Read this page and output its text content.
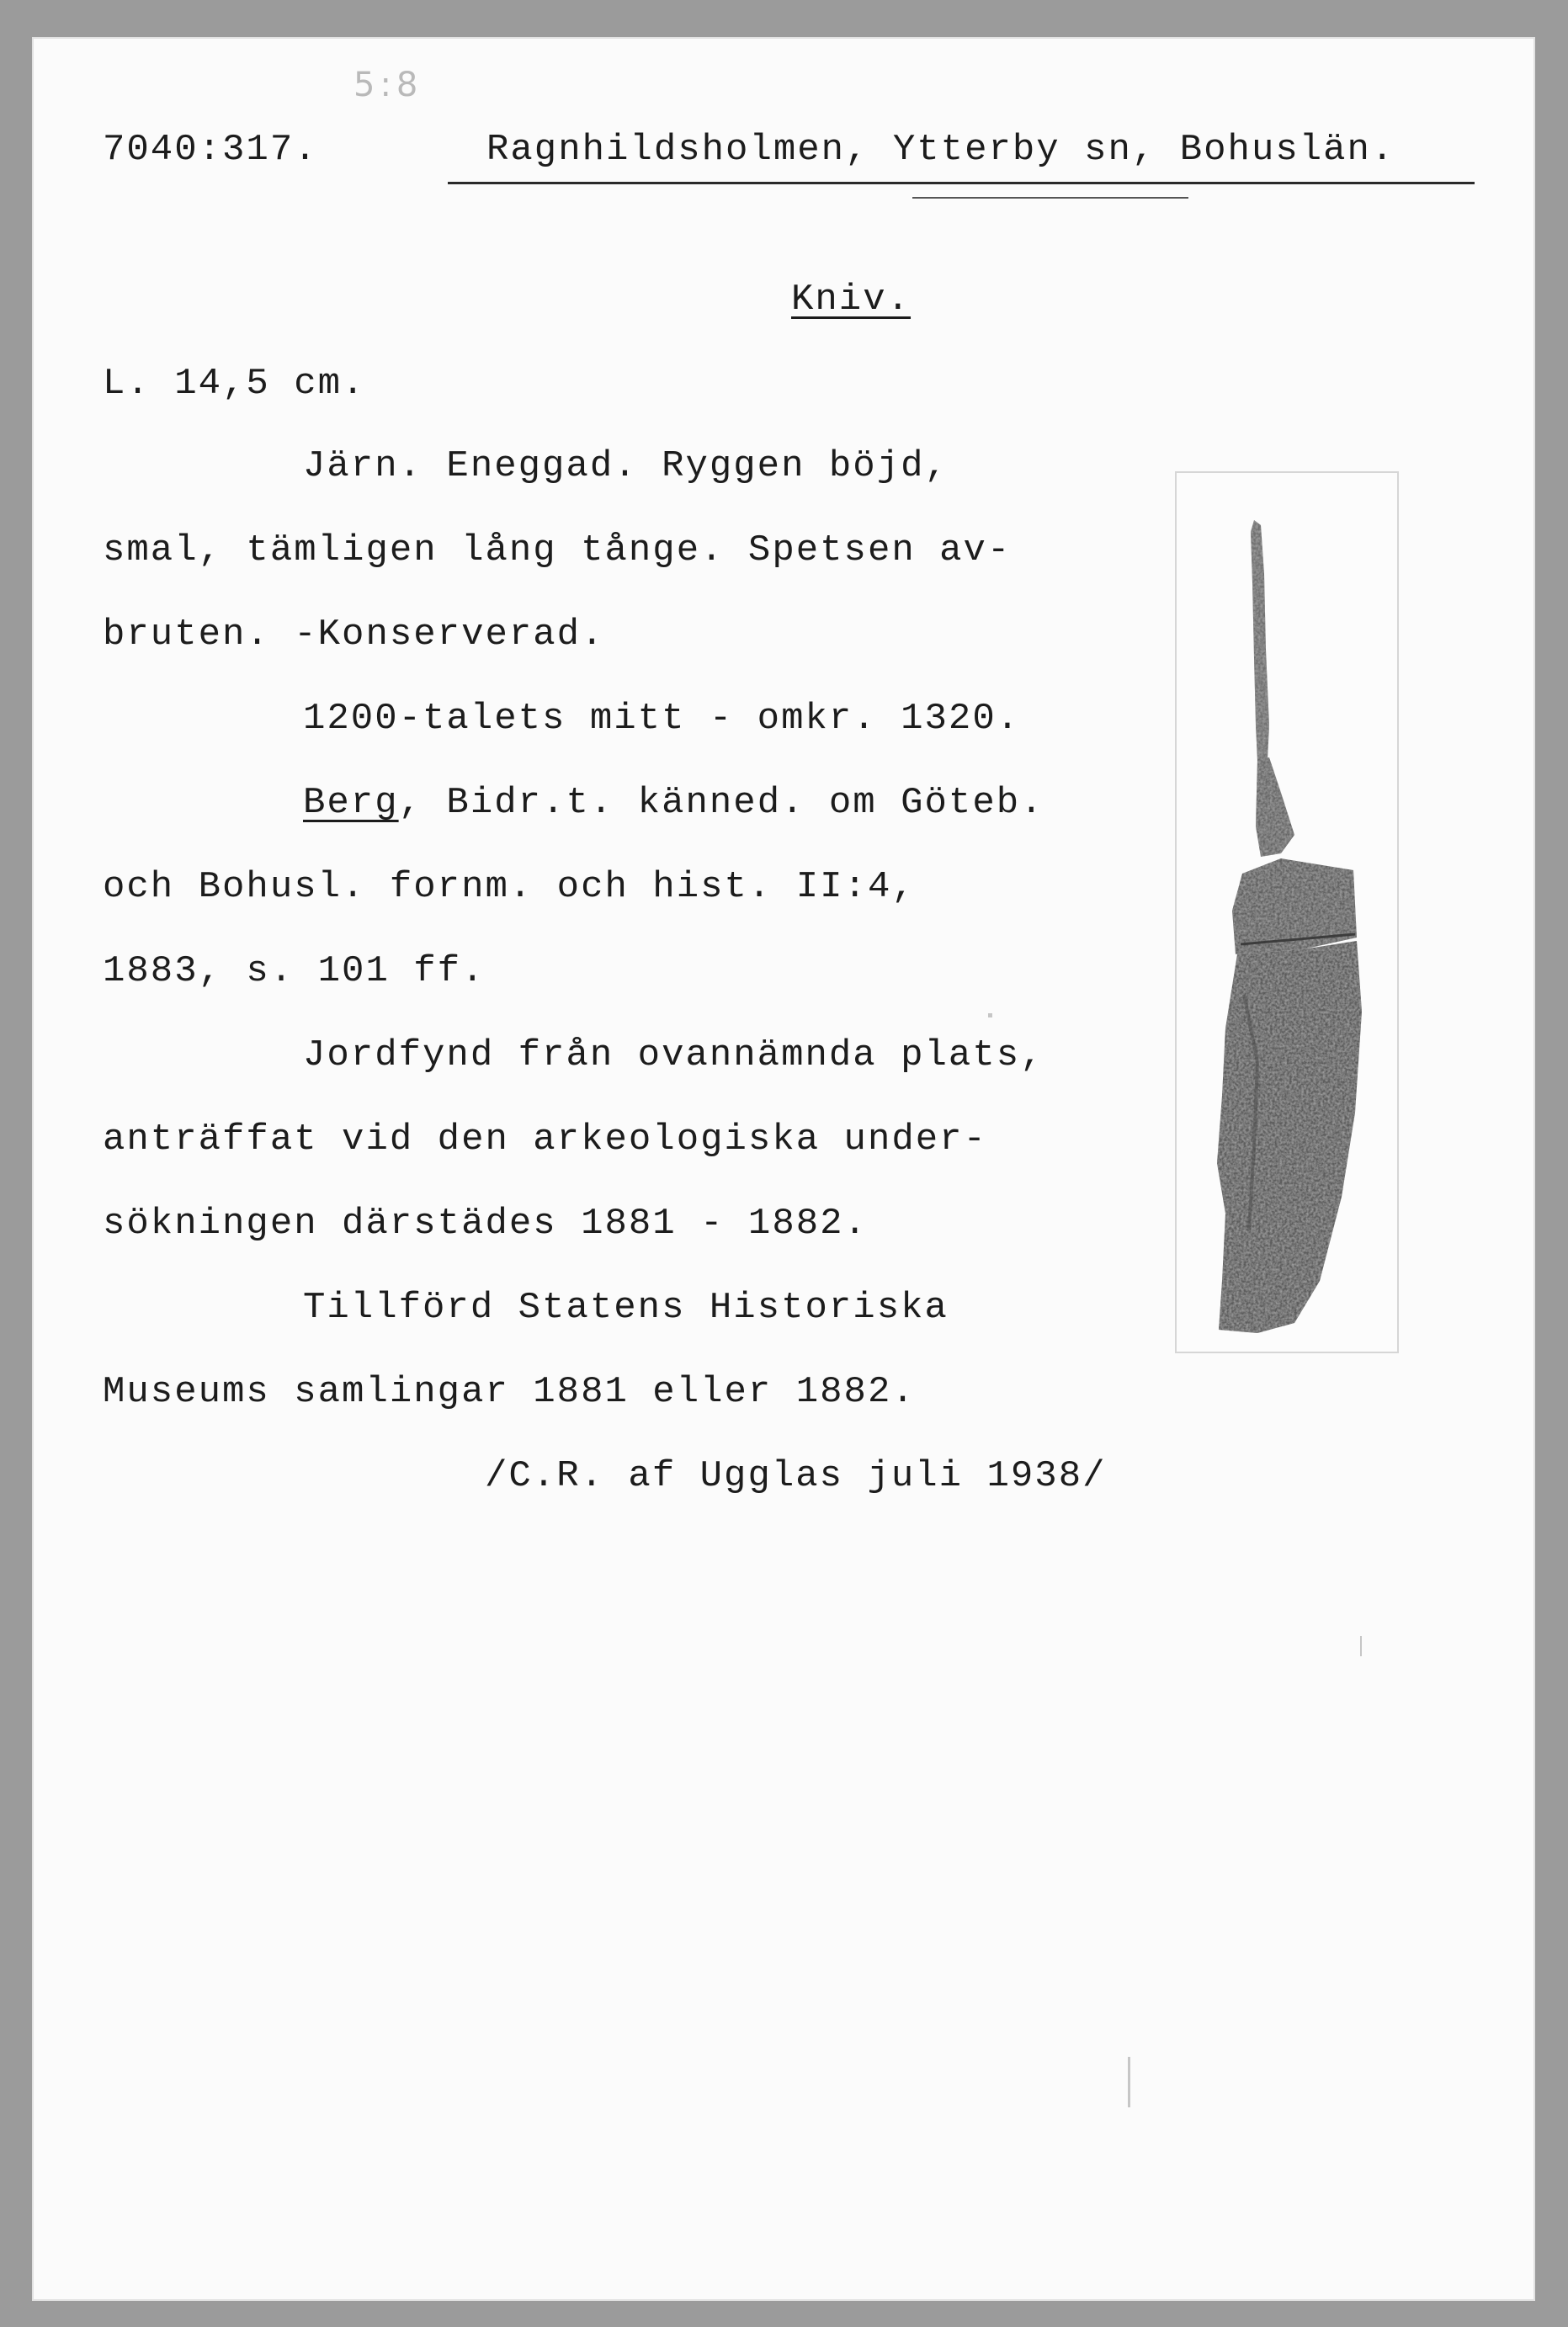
5:8
7040:317.	Ragnhildsholmen, Ytterby sn, Bohuslän.
Kniv.
L. 14,5 cm.
Järn. Eneggad. Ryggen böjd,
smal, tämligen lång tånge. Spetsen av-
bruten. -Konserverad.
1200-talets mitt - omkr. 1320.
Berg, Bidr.t. känned. om Göteb.
och Bohusl. fornm. och hist. II:4,
1883, s. 101 ff.
Jordfynd från ovannämnda plats,
anträffat vid den arkeologiska under-
sökningen därstädes 1881 - 1882.
Tillförd Statens Historiska
Museums samlingar 1881 eller 1882.
/C.R. af Ugglas juli 1938/
